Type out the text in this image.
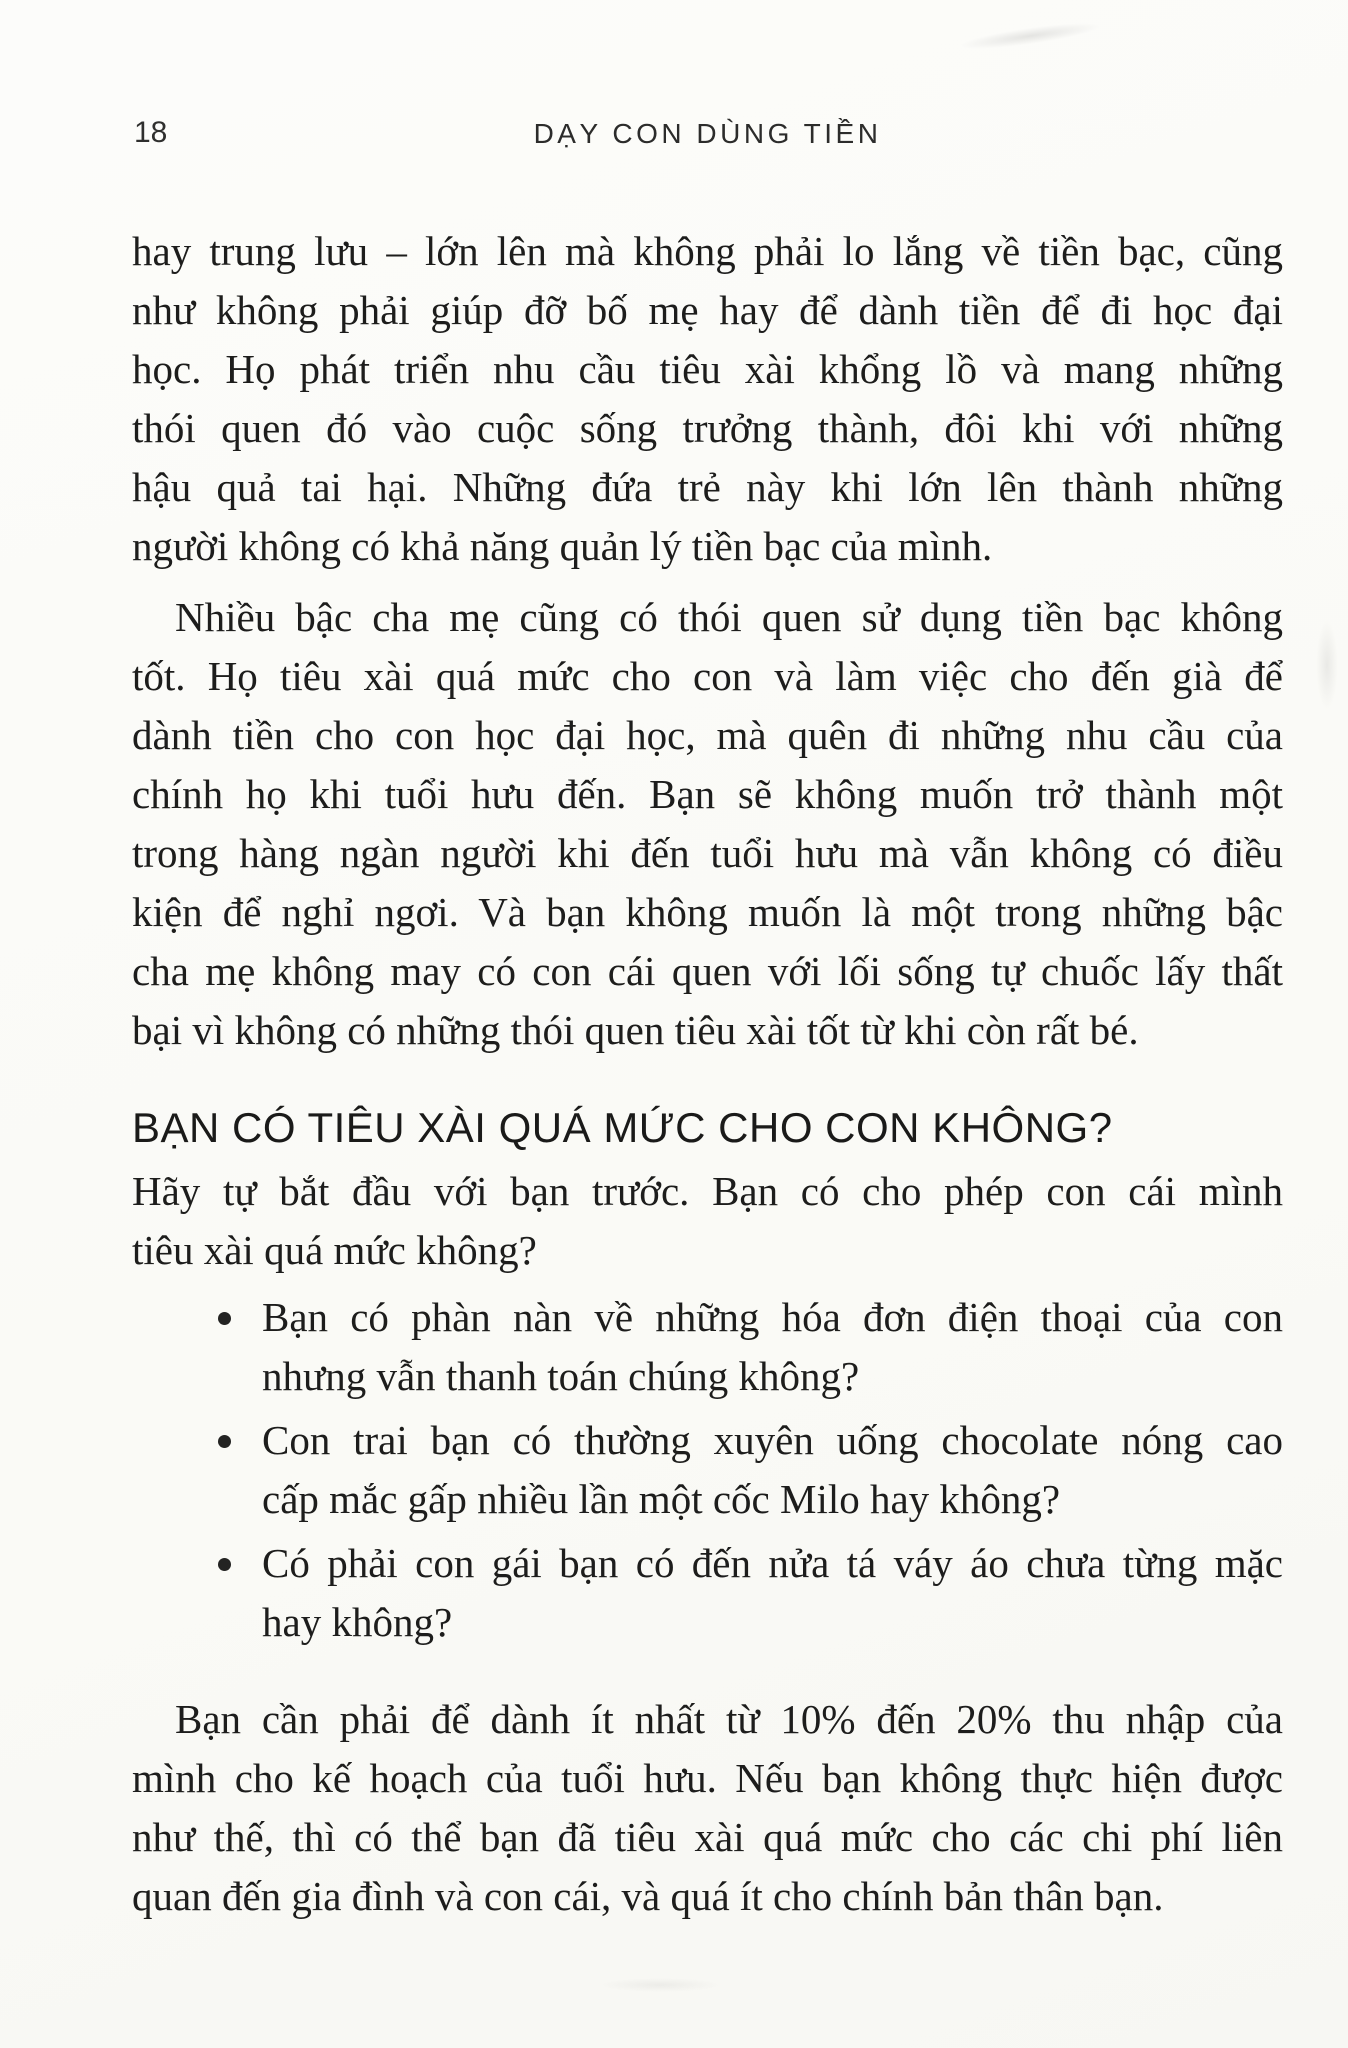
18	DẠY CON DÙNG TIỀN
hay trung lưu – lớn lên mà không phải lo lắng về tiền bạc, cũng
như không phải giúp đỡ bố mẹ hay để dành tiền để đi học đại
học. Họ phát triển nhu cầu tiêu xài khổng lồ và mang những
thói quen đó vào cuộc sống trưởng thành, đôi khi với những
hậu quả tai hại. Những đứa trẻ này khi lớn lên thành những
người không có khả năng quản lý tiền bạc của mình.
Nhiều bậc cha mẹ cũng có thói quen sử dụng tiền bạc không
tốt. Họ tiêu xài quá mức cho con và làm việc cho đến già để
dành tiền cho con học đại học, mà quên đi những nhu cầu của
chính họ khi tuổi hưu đến. Bạn sẽ không muốn trở thành một
trong hàng ngàn người khi đến tuổi hưu mà vẫn không có điều
kiện để nghỉ ngơi. Và bạn không muốn là một trong những bậc
cha mẹ không may có con cái quen với lối sống tự chuốc lấy thất
bại vì không có những thói quen tiêu xài tốt từ khi còn rất bé.
BẠN CÓ TIÊU XÀI QUÁ MỨC CHO CON KHÔNG?
Hãy tự bắt đầu với bạn trước. Bạn có cho phép con cái mình
tiêu xài quá mức không?
Bạn có phàn nàn về những hóa đơn điện thoại của con
nhưng vẫn thanh toán chúng không?
Con trai bạn có thường xuyên uống chocolate nóng cao
cấp mắc gấp nhiều lần một cốc Milo hay không?
Có phải con gái bạn có đến nửa tá váy áo chưa từng mặc
hay không?
Bạn cần phải để dành ít nhất từ 10% đến 20% thu nhập của
mình cho kế hoạch của tuổi hưu. Nếu bạn không thực hiện được
như thế, thì có thể bạn đã tiêu xài quá mức cho các chi phí liên
quan đến gia đình và con cái, và quá ít cho chính bản thân bạn.
